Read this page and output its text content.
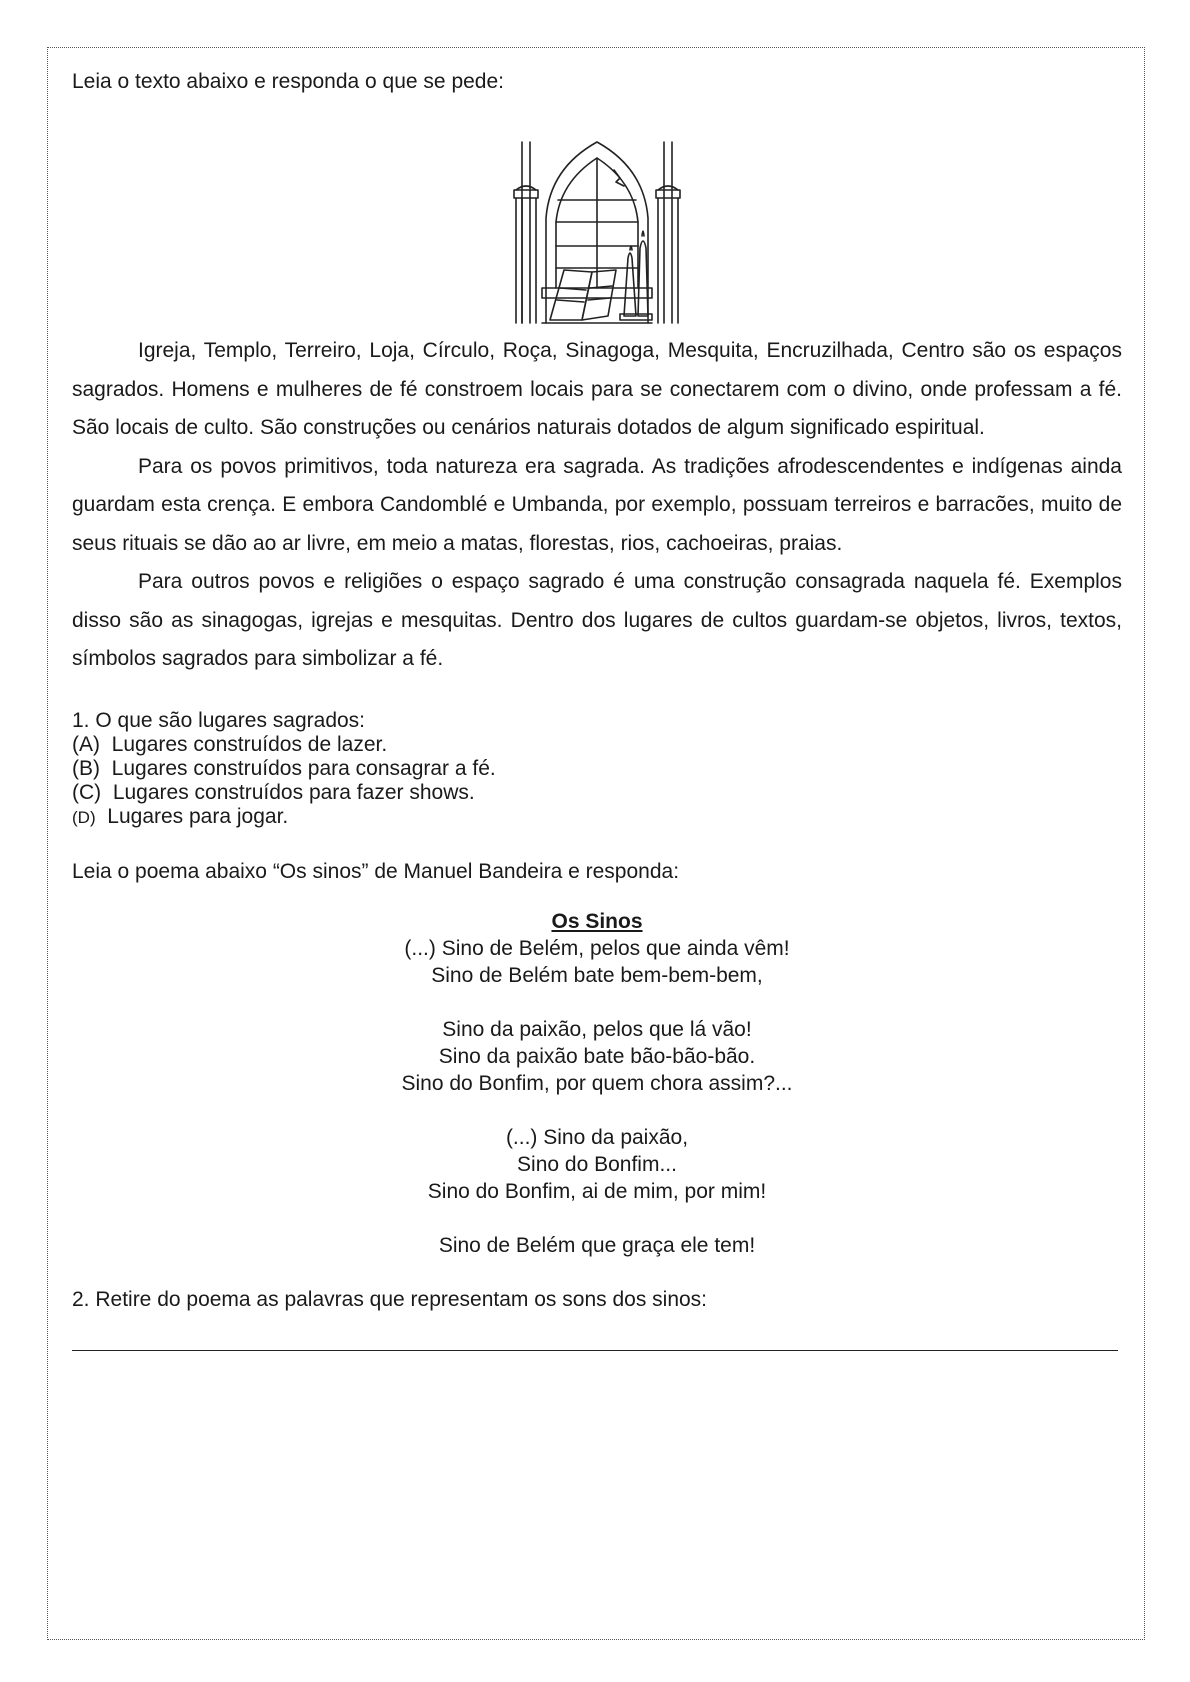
Leia o texto abaixo e responda o que se pede:

Igreja, Templo, Terreiro, Loja, Círculo, Roça, Sinagoga, Mesquita, Encruzilhada, Centro são os espaços sagrados. Homens e mulheres de fé constroem locais para se conectarem com o divino, onde professam a fé. São locais de culto. São construções ou cenários naturais dotados de algum significado espiritual.

Para os povos primitivos, toda natureza era sagrada. As tradições afrodescendentes e indígenas ainda guardam esta crença. E embora Candomblé e Umbanda, por exemplo, possuam terreiros e barracões, muito de seus rituais se dão ao ar livre, em meio a matas, florestas, rios, cachoeiras, praias.

Para outros povos e religiões o espaço sagrado é uma construção consagrada naquela fé. Exemplos disso são as sinagogas, igrejas e mesquitas. Dentro dos lugares de cultos guardam-se objetos, livros, textos, símbolos sagrados para simbolizar a fé.

1. O que são lugares sagrados:

(A) Lugares construídos de lazer.

(B) Lugares construídos para consagrar a fé.

(C) Lugares construídos para fazer shows.

(D) Lugares para jogar.

Leia o poema abaixo “Os sinos” de Manuel Bandeira e responda:

Os Sinos

(...) Sino de Belém, pelos que ainda vêm!

Sino de Belém bate bem-bem-bem,

Sino da paixão, pelos que lá vão!

Sino da paixão bate bão-bão-bão.

Sino do Bonfim, por quem chora assim?...

(...) Sino da paixão,

Sino do Bonfim...

Sino do Bonfim, ai de mim, por mim!

Sino de Belém que graça ele tem!

2. Retire do poema as palavras que representam os sons dos sinos:
